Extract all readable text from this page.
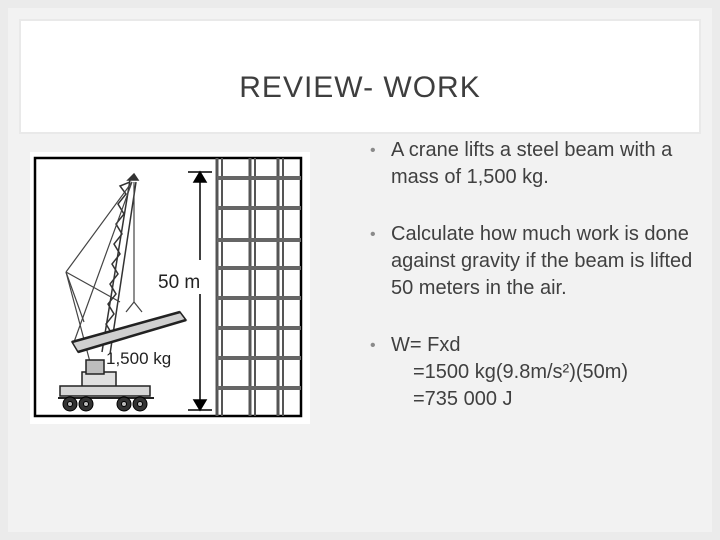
REVIEW- WORK
50 m
1,500 kg
• A crane lifts a steel beam with a mass of 1,500 kg.
• Calculate how much work is done against gravity if the beam is lifted 50 meters in the air.
• W= Fxd
=1500 kg(9.8m/s²)(50m)
=735 000 J
